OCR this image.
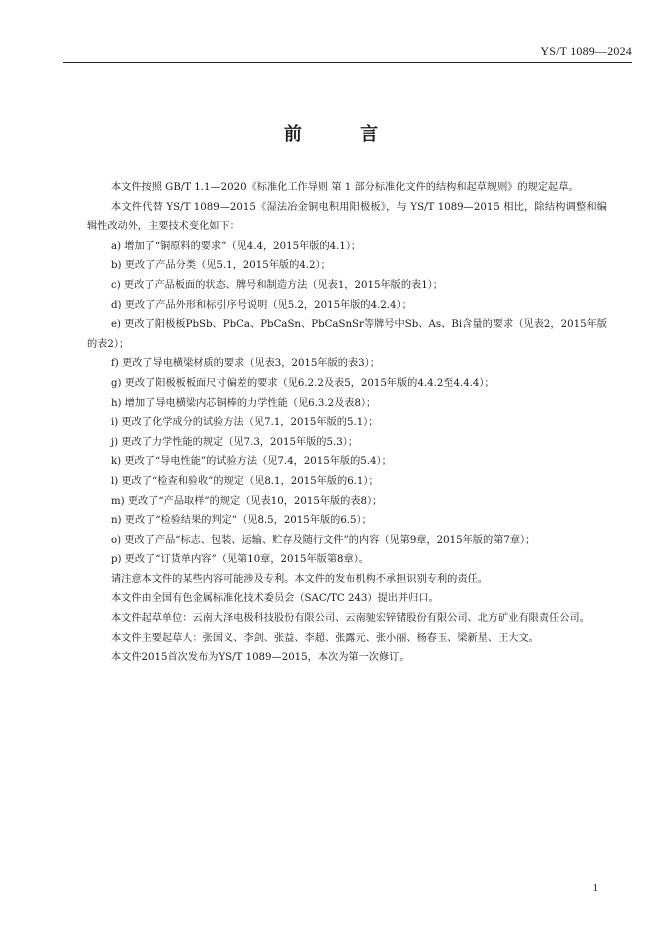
YS/T 1089—2024
前 言

本文件按照 GB/T 1.1—2020《标准化工作导则 第 1 部分标准化文件的结构和起草规则》的规定起草。

本文件代替 YS/T 1089—2015《湿法冶金铜电积用阳极板》，与 YS/T 1089—2015 相比，除结构调整和编辑性改动外，主要技术变化如下：

a) 增加了“铜原料的要求”（见4.4，2015年版的4.1）；

b) 更改了产品分类（见5.1，2015年版的4.2）；

c) 更改了产品板面的状态、牌号和制造方法（见表1，2015年版的表1）；

d) 更改了产品外形和标引序号说明（见5.2，2015年版的4.2.4）；

e) 更改了阳极板PbSb、PbCa、PbCaSn、PbCaSnSr等牌号中Sb、As、Bi含量的要求（见表2，2015年版的表2）；

f) 更改了导电横梁材质的要求（见表3，2015年版的表3）；

g) 更改了阳极板板面尺寸偏差的要求（见6.2.2及表5，2015年版的4.4.2至4.4.4）；

h) 增加了导电横梁内芯铜棒的力学性能（见6.3.2及表8）；

i) 更改了化学成分的试验方法（见7.1，2015年版的5.1）；

j) 更改了力学性能的规定（见7.3，2015年版的5.3）；

k) 更改了“导电性能”的试验方法（见7.4，2015年版的5.4）；

l) 更改了“检查和验收”的规定（见8.1，2015年版的6.1）；

m) 更改了“产品取样”的规定（见表10，2015年版的表8）；

n) 更改了“检验结果的判定”（见8.5，2015年版的6.5）；

o) 更改了产品“标志、包装、运输、贮存及随行文件”的内容（见第9章，2015年版的第7章）；

p) 更改了“订货单内容”（见第10章，2015年版第8章）。

请注意本文件的某些内容可能涉及专利。本文件的发布机构不承担识别专利的责任。

本文件由全国有色金属标准化技术委员会（SAC/TC 243）提出并归口。

本文件起草单位：云南大泽电极科技股份有限公司、云南驰宏锌锗股份有限公司、北方矿业有限责任公司。

本文件主要起草人：张国义、李剑、张益、李超、张露元、张小丽、杨春玉、梁新星、王大文。

本文件2015首次发布为YS/T 1089—2015，本次为第一次修订。

1
